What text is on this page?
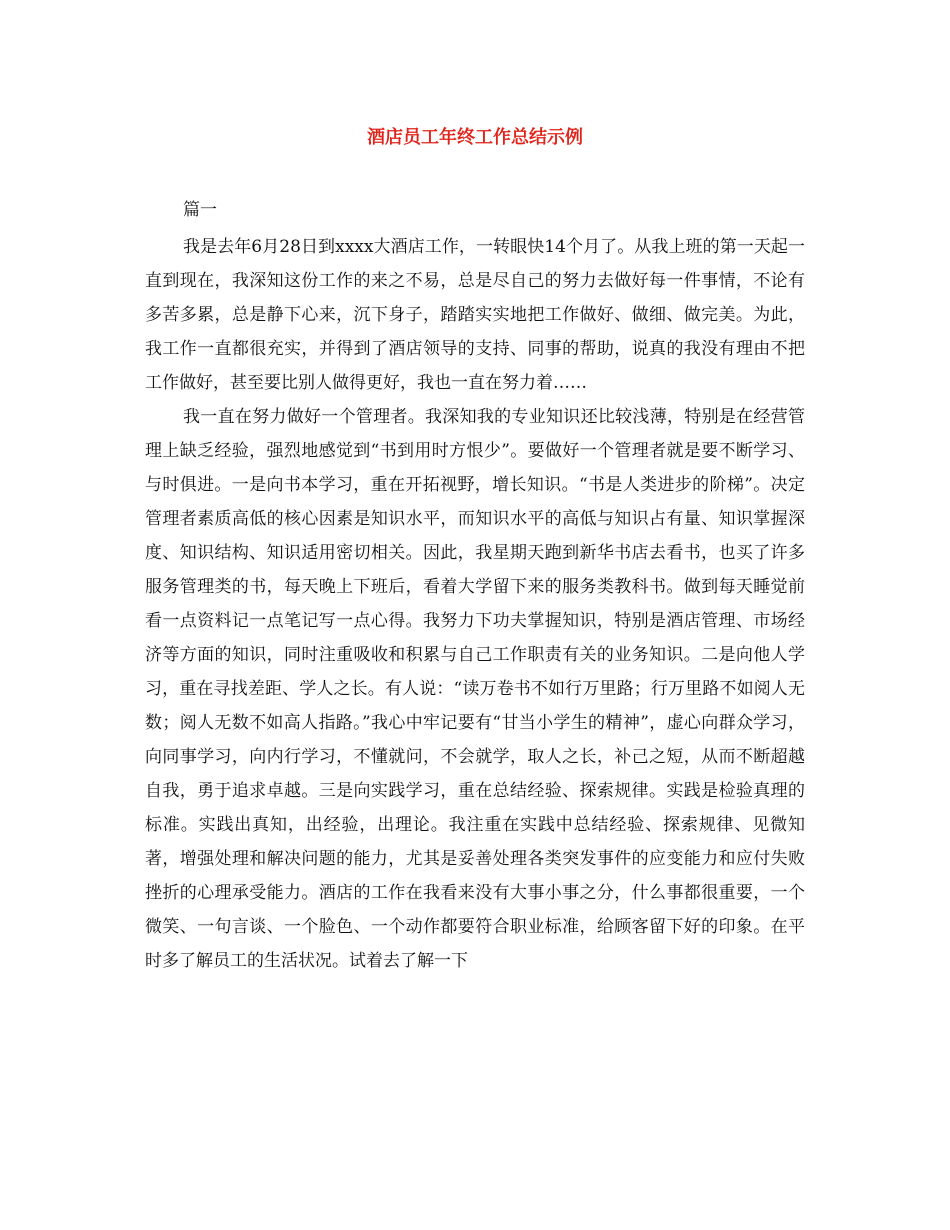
酒店员工年终工作总结示例
篇一

我是去年6月28日到xxxx大酒店工作，一转眼快14个月了。从我上班的第一天起一直到现在，我深知这份工作的来之不易，总是尽自己的努力去做好每一件事情，不论有多苦多累，总是静下心来，沉下身子，踏踏实实地把工作做好、做细、做完美。为此，我工作一直都很充实，并得到了酒店领导的支持、同事的帮助，说真的我没有理由不把工作做好，甚至要比别人做得更好，我也一直在努力着……

我一直在努力做好一个管理者。我深知我的专业知识还比较浅薄，特别是在经营管理上缺乏经验，强烈地感觉到“书到用时方恨少”。要做好一个管理者就是要不断学习、与时俱进。一是向书本学习，重在开拓视野，增长知识。“书是人类进步的阶梯”。决定管理者素质高低的核心因素是知识水平，而知识水平的高低与知识占有量、知识掌握深度、知识结构、知识适用密切相关。因此，我星期天跑到新华书店去看书，也买了许多服务管理类的书，每天晚上下班后，看着大学留下来的服务类教科书。做到每天睡觉前看一点资料记一点笔记写一点心得。我努力下功夫掌握知识，特别是酒店管理、市场经济等方面的知识，同时注重吸收和积累与自己工作职责有关的业务知识。二是向他人学习，重在寻找差距、学人之长。有人说：“读万卷书不如行万里路；行万里路不如阅人无数；阅人无数不如高人指路。”我心中牢记要有“甘当小学生的精神”，虚心向群众学习，向同事学习，向内行学习，不懂就问，不会就学，取人之长，补己之短，从而不断超越自我，勇于追求卓越。三是向实践学习，重在总结经验、探索规律。实践是检验真理的标准。实践出真知，出经验，出理论。我注重在实践中总结经验、探索规律、见微知著，增强处理和解决问题的能力，尤其是妥善处理各类突发事件的应变能力和应付失败挫折的心理承受能力。酒店的工作在我看来没有大事小事之分，什么事都很重要，一个微笑、一句言谈、一个脸色、一个动作都要符合职业标准，给顾客留下好的印象。在平时多了解员工的生活状况。试着去了解一下
